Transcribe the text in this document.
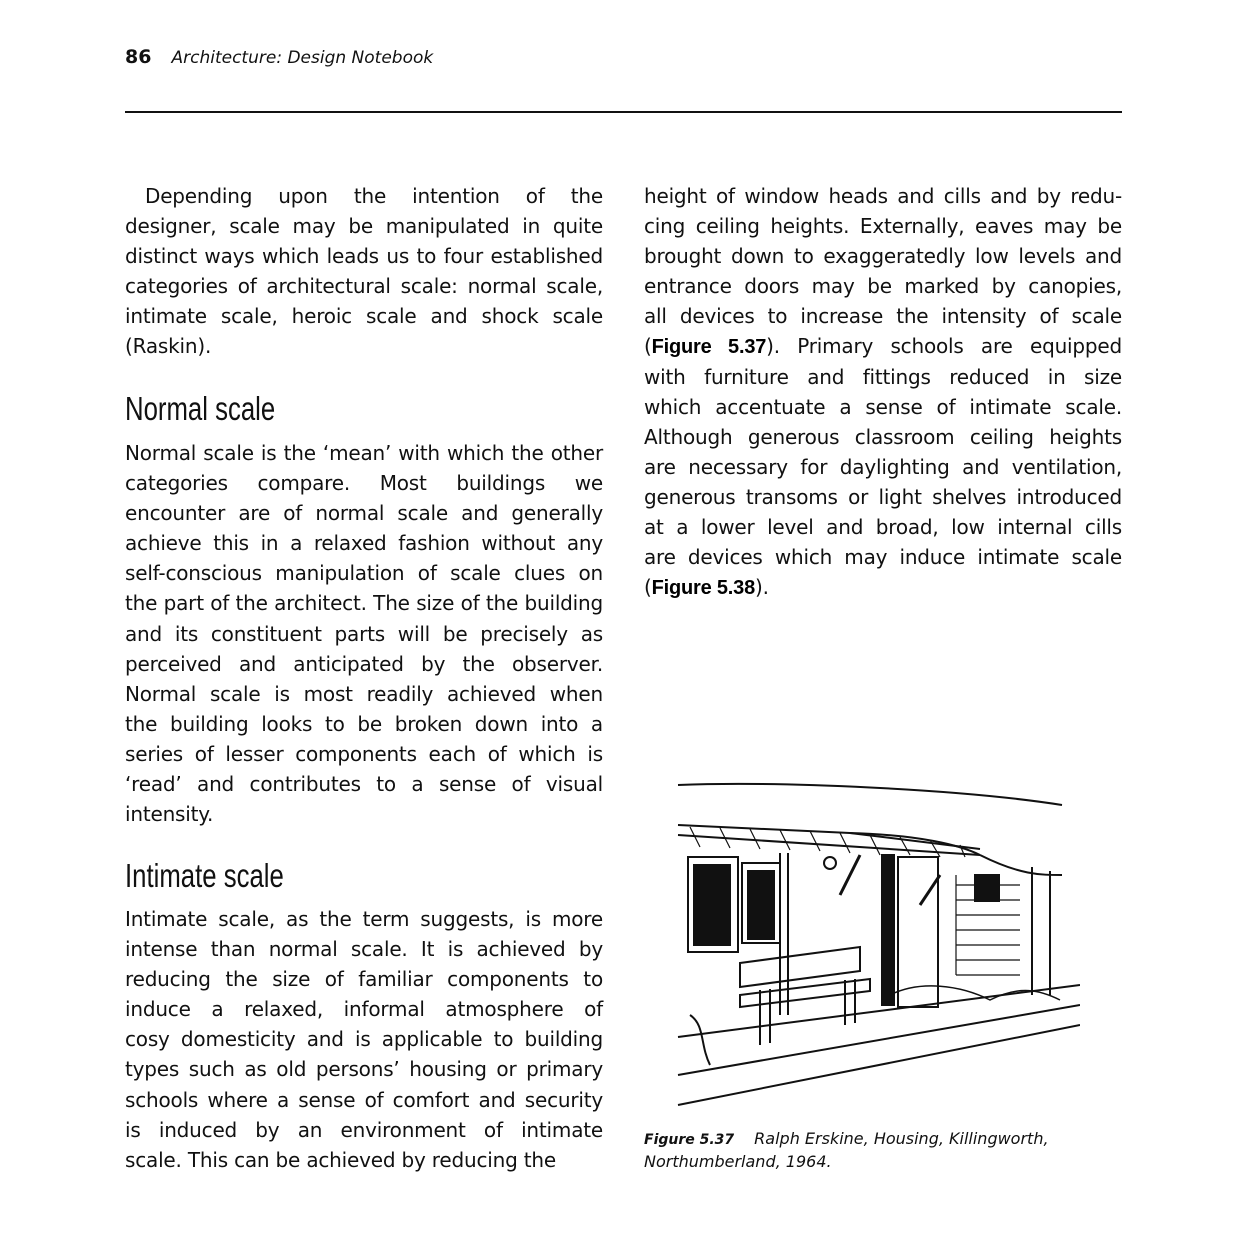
86 Architecture: Design Notebook
Depending upon the intention of the
designer, scale may be manipulated in quite
distinct ways which leads us to four established
categories of architectural scale: normal scale,
intimate scale, heroic scale and shock scale
(Raskin).
Normal scale
Normal scale is the ‘mean’ with which the other
categories compare. Most buildings we
encounter are of normal scale and generally
achieve this in a relaxed fashion without any
self-conscious manipulation of scale clues on
the part of the architect. The size of the building
and its constituent parts will be precisely as
perceived and anticipated by the observer.
Normal scale is most readily achieved when
the building looks to be broken down into a
series of lesser components each of which is
‘read’ and contributes to a sense of visual
intensity.
Intimate scale
Intimate scale, as the term suggests, is more
intense than normal scale. It is achieved by
reducing the size of familiar components to
induce a relaxed, informal atmosphere of
cosy domesticity and is applicable to building
types such as old persons’ housing or primary
schools where a sense of comfort and security
is induced by an environment of intimate
scale. This can be achieved by reducing the
height of window heads and cills and by redu-
cing ceiling heights. Externally, eaves may be
brought down to exaggeratedly low levels and
entrance doors may be marked by canopies,
all devices to increase the intensity of scale
(Figure 5.37). Primary schools are equipped
with furniture and fittings reduced in size
which accentuate a sense of intimate scale.
Although generous classroom ceiling heights
are necessary for daylighting and ventilation,
generous transoms or light shelves introduced
at a lower level and broad, low internal cills
are devices which may induce intimate scale
(Figure 5.38).
Figure 5.37 Ralph Erskine, Housing, Killingworth,
Northumberland, 1964.
